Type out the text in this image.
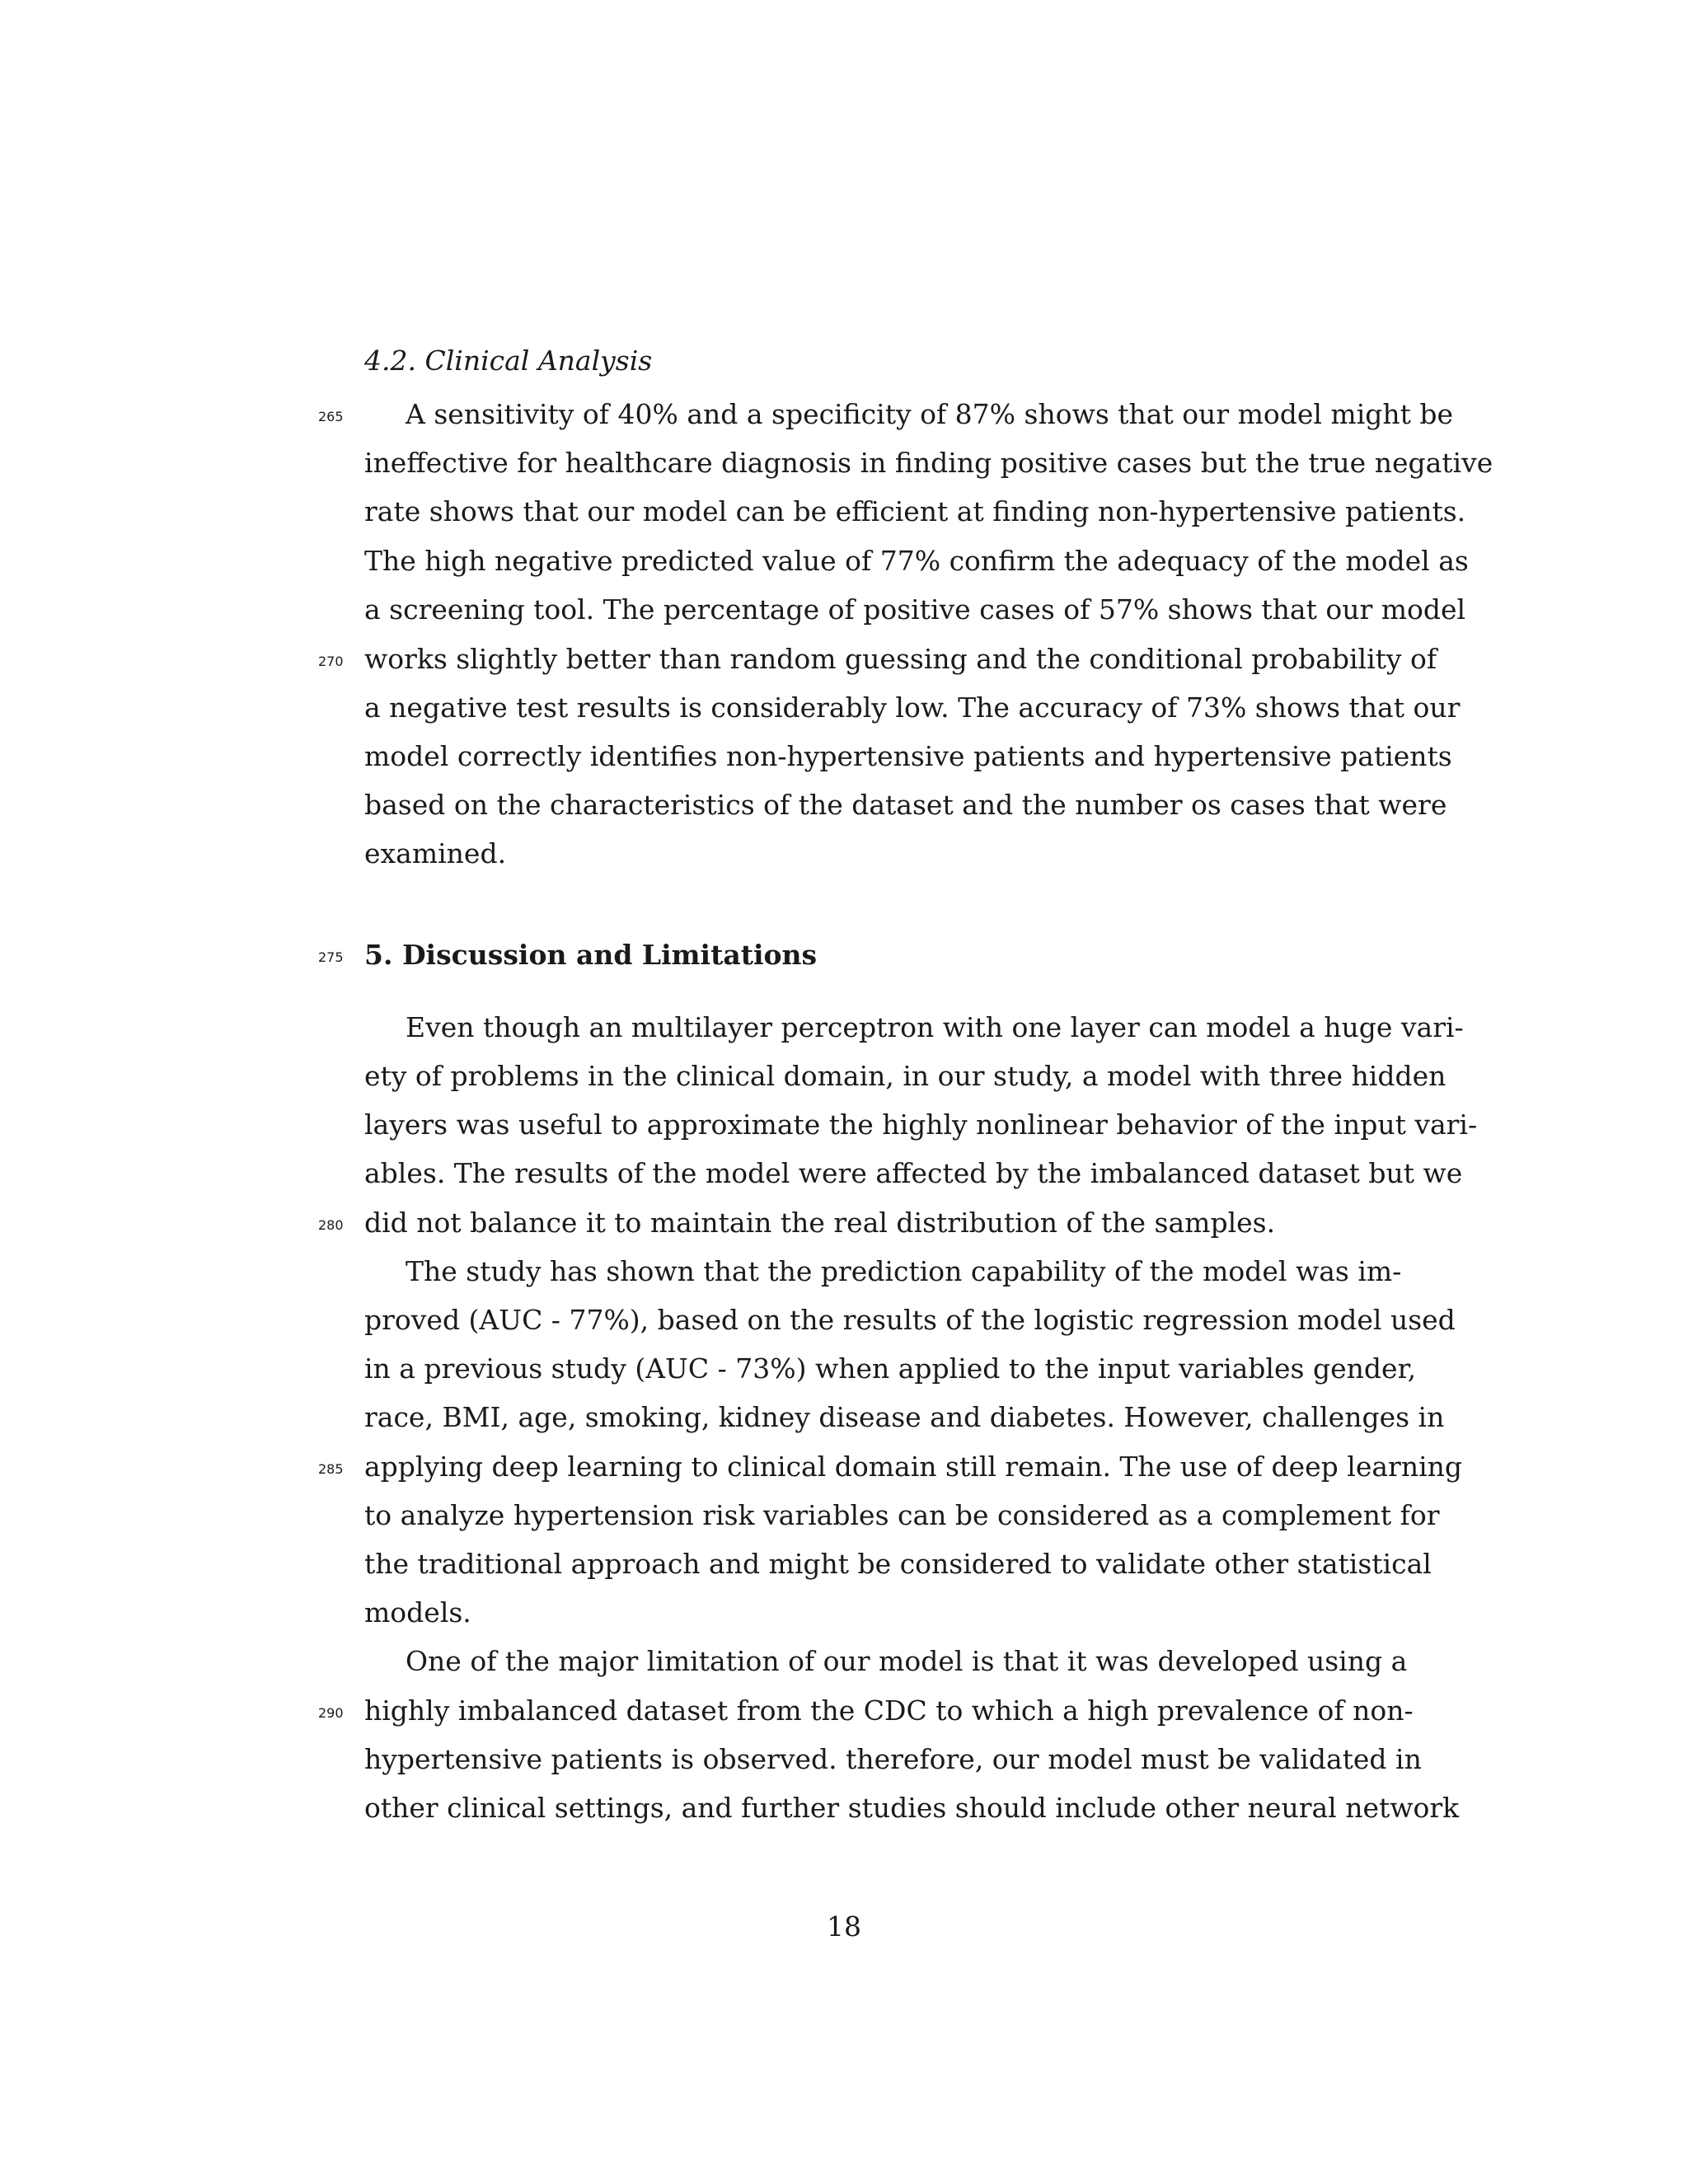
4.2. Clinical Analysis
A sensitivity of 40% and a specificity of 87% shows that our model might be
ineffective for healthcare diagnosis in finding positive cases but the true negative
rate shows that our model can be efficient at finding non-hypertensive patients.
The high negative predicted value of 77% confirm the adequacy of the model as
a screening tool. The percentage of positive cases of 57% shows that our model
works slightly better than random guessing and the conditional probability of
a negative test results is considerably low. The accuracy of 73% shows that our
model correctly identifies non-hypertensive patients and hypertensive patients
based on the characteristics of the dataset and the number os cases that were
examined.
5. Discussion and Limitations
Even though an multilayer perceptron with one layer can model a huge vari-
ety of problems in the clinical domain, in our study, a model with three hidden
layers was useful to approximate the highly nonlinear behavior of the input vari-
ables. The results of the model were affected by the imbalanced dataset but we
did not balance it to maintain the real distribution of the samples.
The study has shown that the prediction capability of the model was im-
proved (AUC - 77%), based on the results of the logistic regression model used
in a previous study (AUC - 73%) when applied to the input variables gender,
race, BMI, age, smoking, kidney disease and diabetes. However, challenges in
applying deep learning to clinical domain still remain. The use of deep learning
to analyze hypertension risk variables can be considered as a complement for
the traditional approach and might be considered to validate other statistical
models.
One of the major limitation of our model is that it was developed using a
highly imbalanced dataset from the CDC to which a high prevalence of non-
hypertensive patients is observed. therefore, our model must be validated in
other clinical settings, and further studies should include other neural network
265
270
275
280
285
290
18
